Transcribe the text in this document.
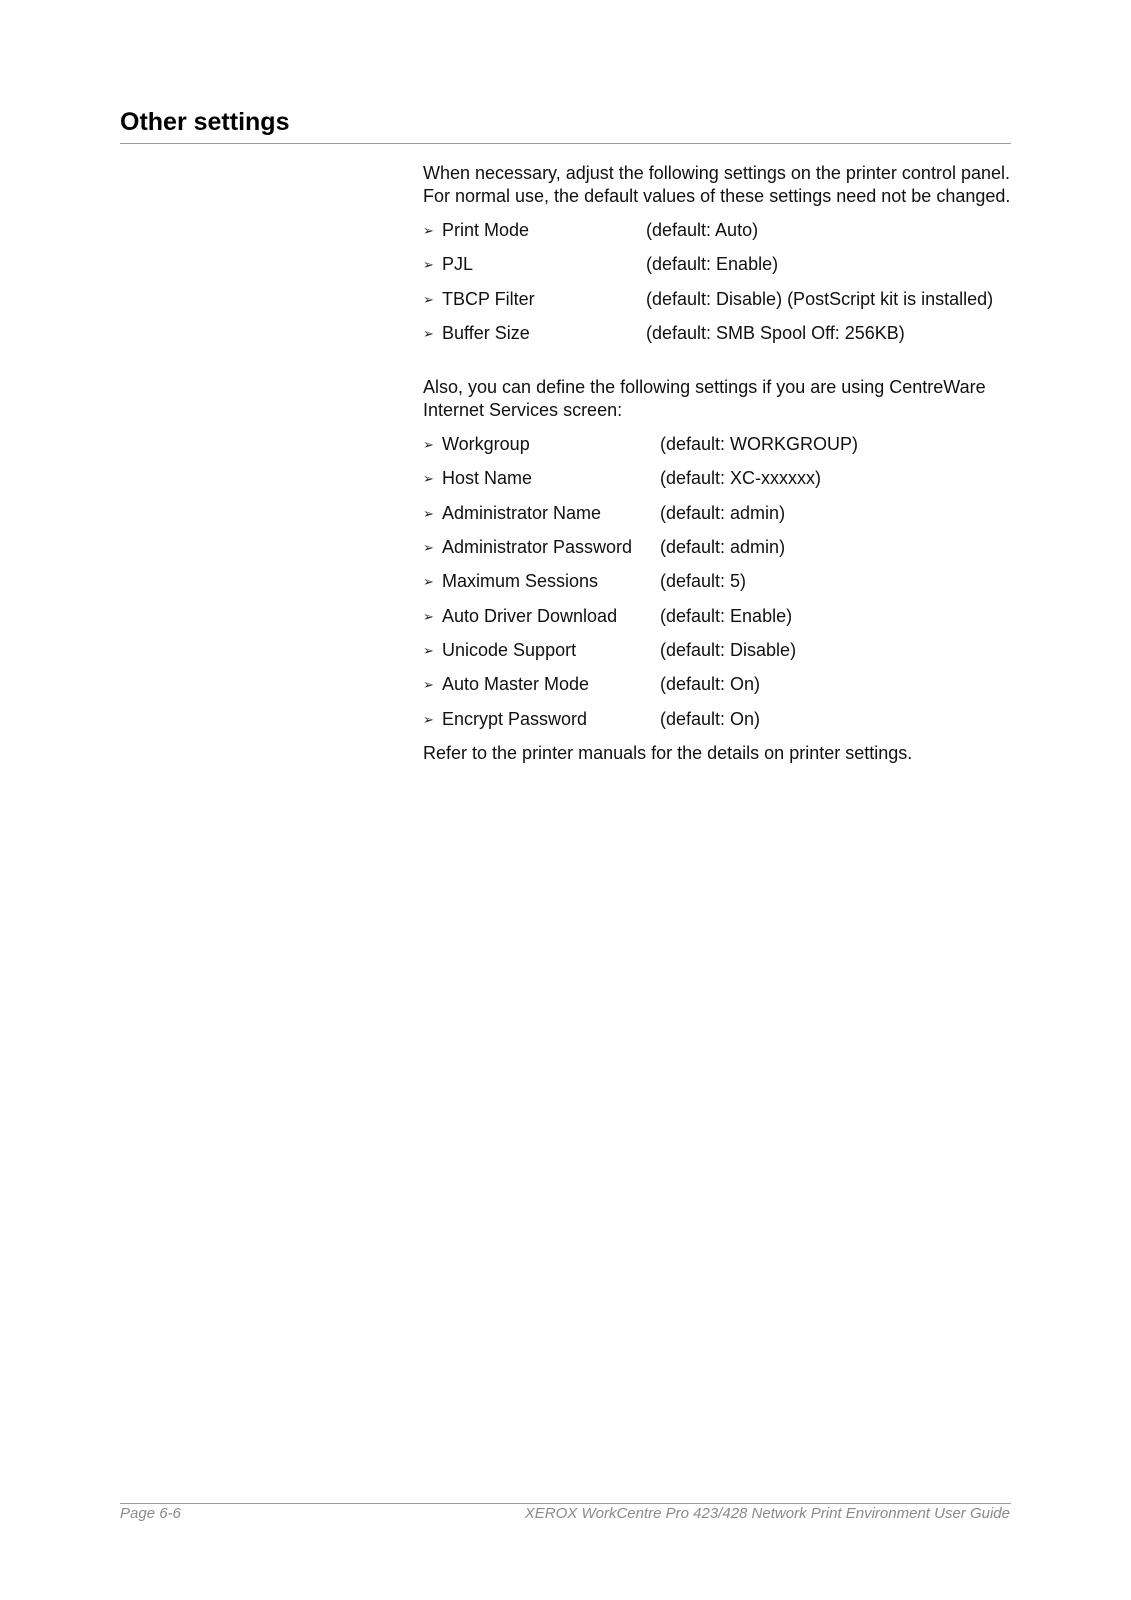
Other settings

When necessary, adjust the following settings on the printer control panel. For normal use, the default values of these settings need not be changed.

➢ Print Mode	(default: Auto)
➢ PJL	(default: Enable)
➢ TBCP Filter	(default: Disable) (PostScript kit is installed)
➢ Buffer Size	(default: SMB Spool Off: 256KB)

Also, you can define the following settings if you are using CentreWare Internet Services screen:

➢ Workgroup	(default: WORKGROUP)
➢ Host Name	(default: XC-xxxxxx)
➢ Administrator Name	(default: admin)
➢ Administrator Password (default: admin)
➢ Maximum Sessions	(default: 5)
➢ Auto Driver Download (default: Enable)
➢ Unicode Support	(default: Disable)
➢ Auto Master Mode	(default: On)
➢ Encrypt Password	(default: On)

Refer to the printer manuals for the details on printer settings.

Page 6-6	XEROX WorkCentre Pro 423/428 Network Print Environment User Guide
